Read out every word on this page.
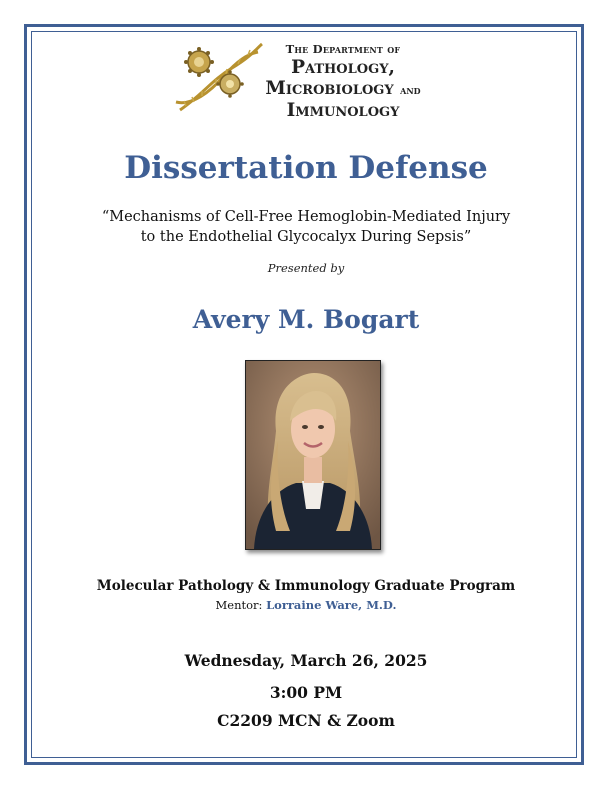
The Department of
Pathology,
Microbiology and
Immunology
Dissertation Defense
“Mechanisms of Cell-Free Hemoglobin-Mediated Injury
to the Endothelial Glycocalyx During Sepsis”
Presented by
Avery M. Bogart
Molecular Pathology & Immunology Graduate Program
Mentor: Lorraine Ware, M.D.
Wednesday, March 26, 2025
3:00 PM
C2209 MCN & Zoom
